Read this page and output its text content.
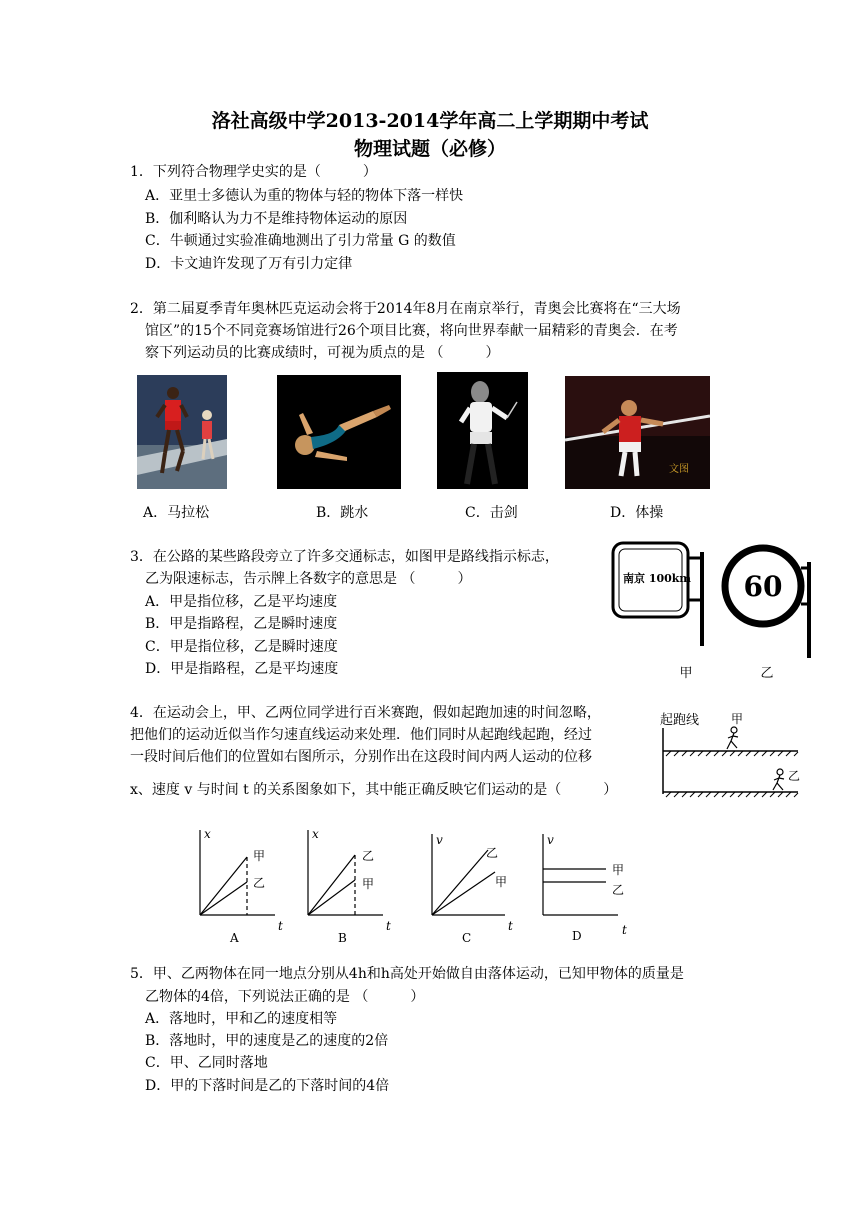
洛社高级中学2013-2014学年高二上学期期中考试
物理试题（必修）
1．下列符合物理学史实的是（　　　）
A．亚里士多德认为重的物体与轻的物体下落一样快
B．伽利略认为力不是维持物体运动的原因
C．牛顿通过实验准确地测出了引力常量 G 的数值
D．卡文迪许发现了万有引力定律
2．第二届夏季青年奥林匹克运动会将于2014年8月在南京举行，青奥会比赛将在“三大场
馆区”的15个不同竞赛场馆进行26个项目比赛，将向世界奉献一届精彩的青奥会．在考
察下列运动员的比赛成绩时，可视为质点的是 （　　　）
文图
A．马拉松	B．跳水	C．击剑	D．体操
3．在公路的某些路段旁立了许多交通标志，如图甲是路线指示标志，
乙为限速标志，告示牌上各数字的意思是 （　　　）
A．甲是指位移，乙是平均速度
B．甲是指路程，乙是瞬时速度
C．甲是指位移，乙是瞬时速度
D．甲是指路程，乙是平均速度
南京 100km 60
甲	乙
4．在运动会上，甲、乙两位同学进行百米赛跑，假如起跑加速的时间忽略，
把他们的运动近似当作匀速直线运动来处理．他们同时从起跑线起跑，经过
一段时间后他们的位置如右图所示，分别作出在这段时间内两人运动的位移
x、速度 v 与时间 t 的关系图象如下，其中能正确反映它们运动的是（　　　）
起跑线	甲
乙
x
t
甲
乙
A
x
t
乙
甲
B
v
t
乙
甲
C
v
t
甲
乙
D
5．甲、乙两物体在同一地点分别从4h和h高处开始做自由落体运动，已知甲物体的质量是
乙物体的4倍，下列说法正确的是 （　　　）
A．落地时，甲和乙的速度相等
B．落地时，甲的速度是乙的速度的2倍
C．甲、乙同时落地
D．甲的下落时间是乙的下落时间的4倍
